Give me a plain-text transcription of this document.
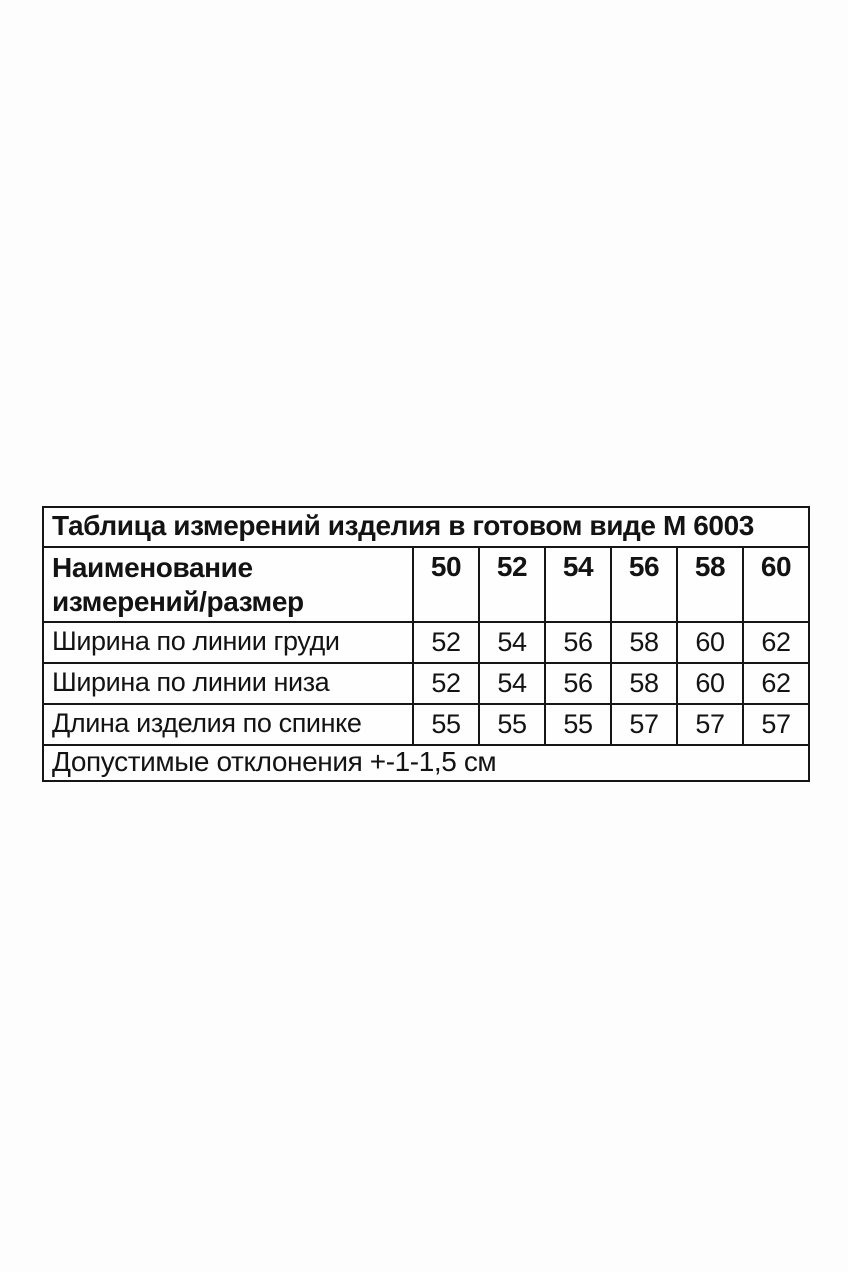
Таблица измерений изделия в готовом виде М 6003						

Наименование
измерений/размер	50	52	54	56	58	60
Ширина по линии груди	52	54	56	58	60	62
Ширина по линии низа	52	54	56	58	60	62
Длина изделия по спинке	55	55	55	57	57	57
Допустимые отклонения +-1-1,5 см						
